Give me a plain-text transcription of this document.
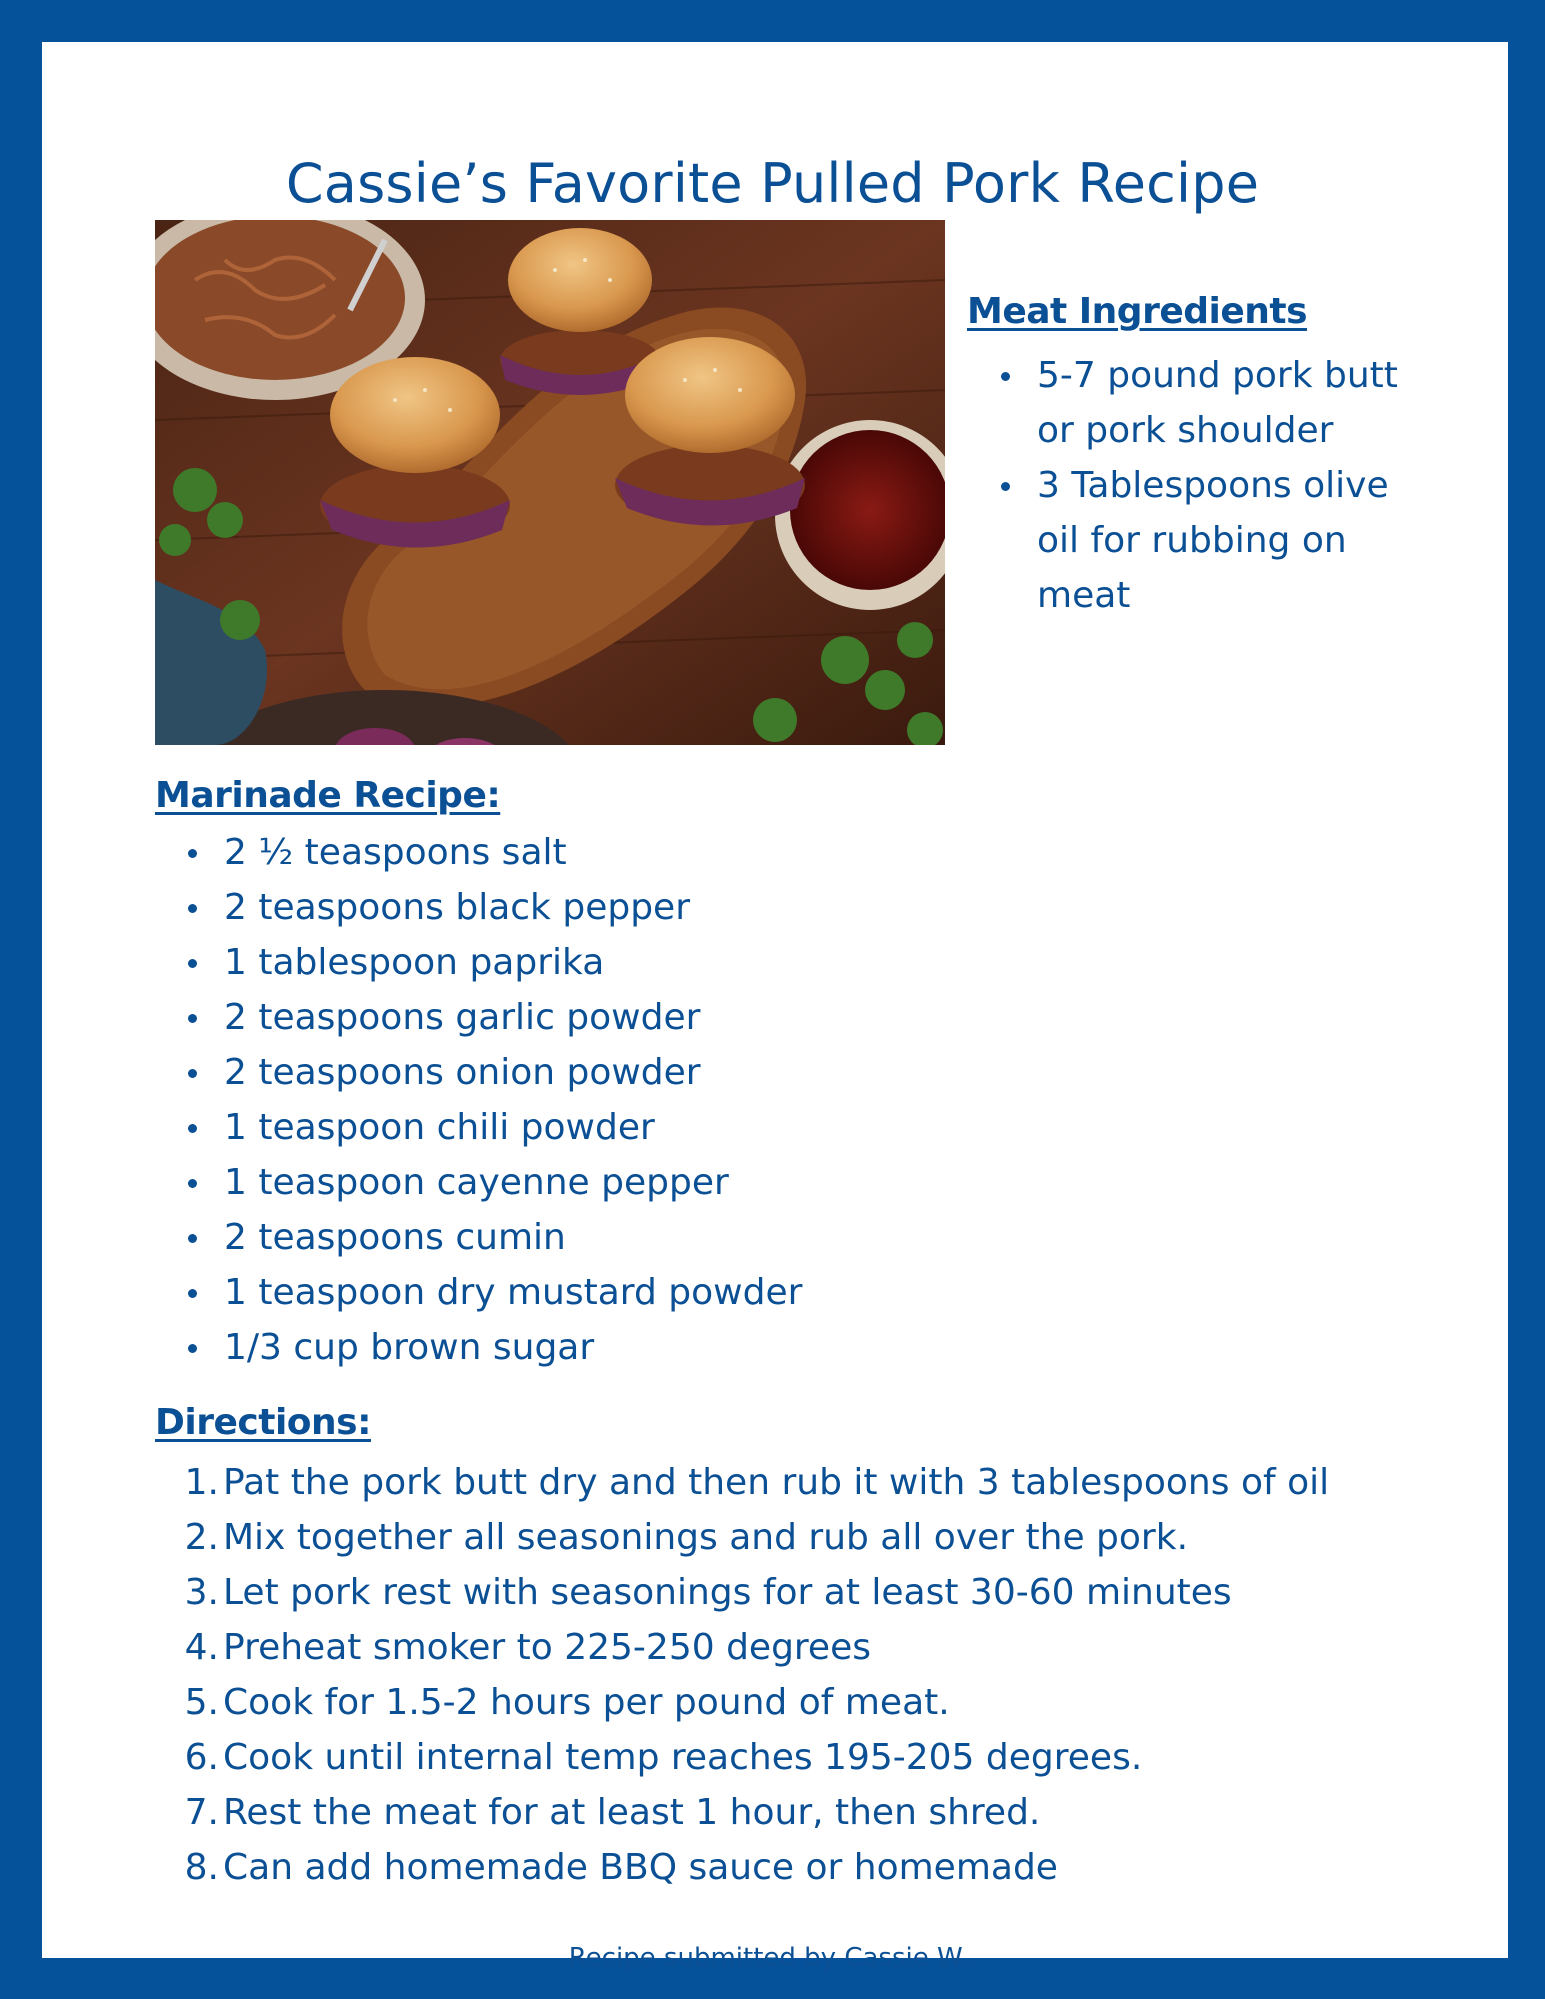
Cassie’s Favorite Pulled Pork Recipe
Meat Ingredients
5-7 pound pork butt or pork shoulder
3 Tablespoons olive oil for rubbing on meat
Marinade Recipe:
2 ½ teaspoons salt
2 teaspoons black pepper
1 tablespoon paprika
2 teaspoons garlic powder
2 teaspoons onion powder
1 teaspoon chili powder
1 teaspoon cayenne pepper
2 teaspoons cumin
1 teaspoon dry mustard powder
1/3 cup brown sugar
Directions:
1. Pat the pork butt dry and then rub it with 3 tablespoons of oil
2. Mix together all seasonings and rub all over the pork.
3. Let pork rest with seasonings for at least 30-60 minutes
4. Preheat smoker to 225-250 degrees
5. Cook for 1.5-2 hours per pound of meat.
6. Cook until internal temp reaches 195-205 degrees.
7. Rest the meat for at least 1 hour, then shred.
8. Can add homemade BBQ sauce or homemade

Recipe submitted by Cassie W..
